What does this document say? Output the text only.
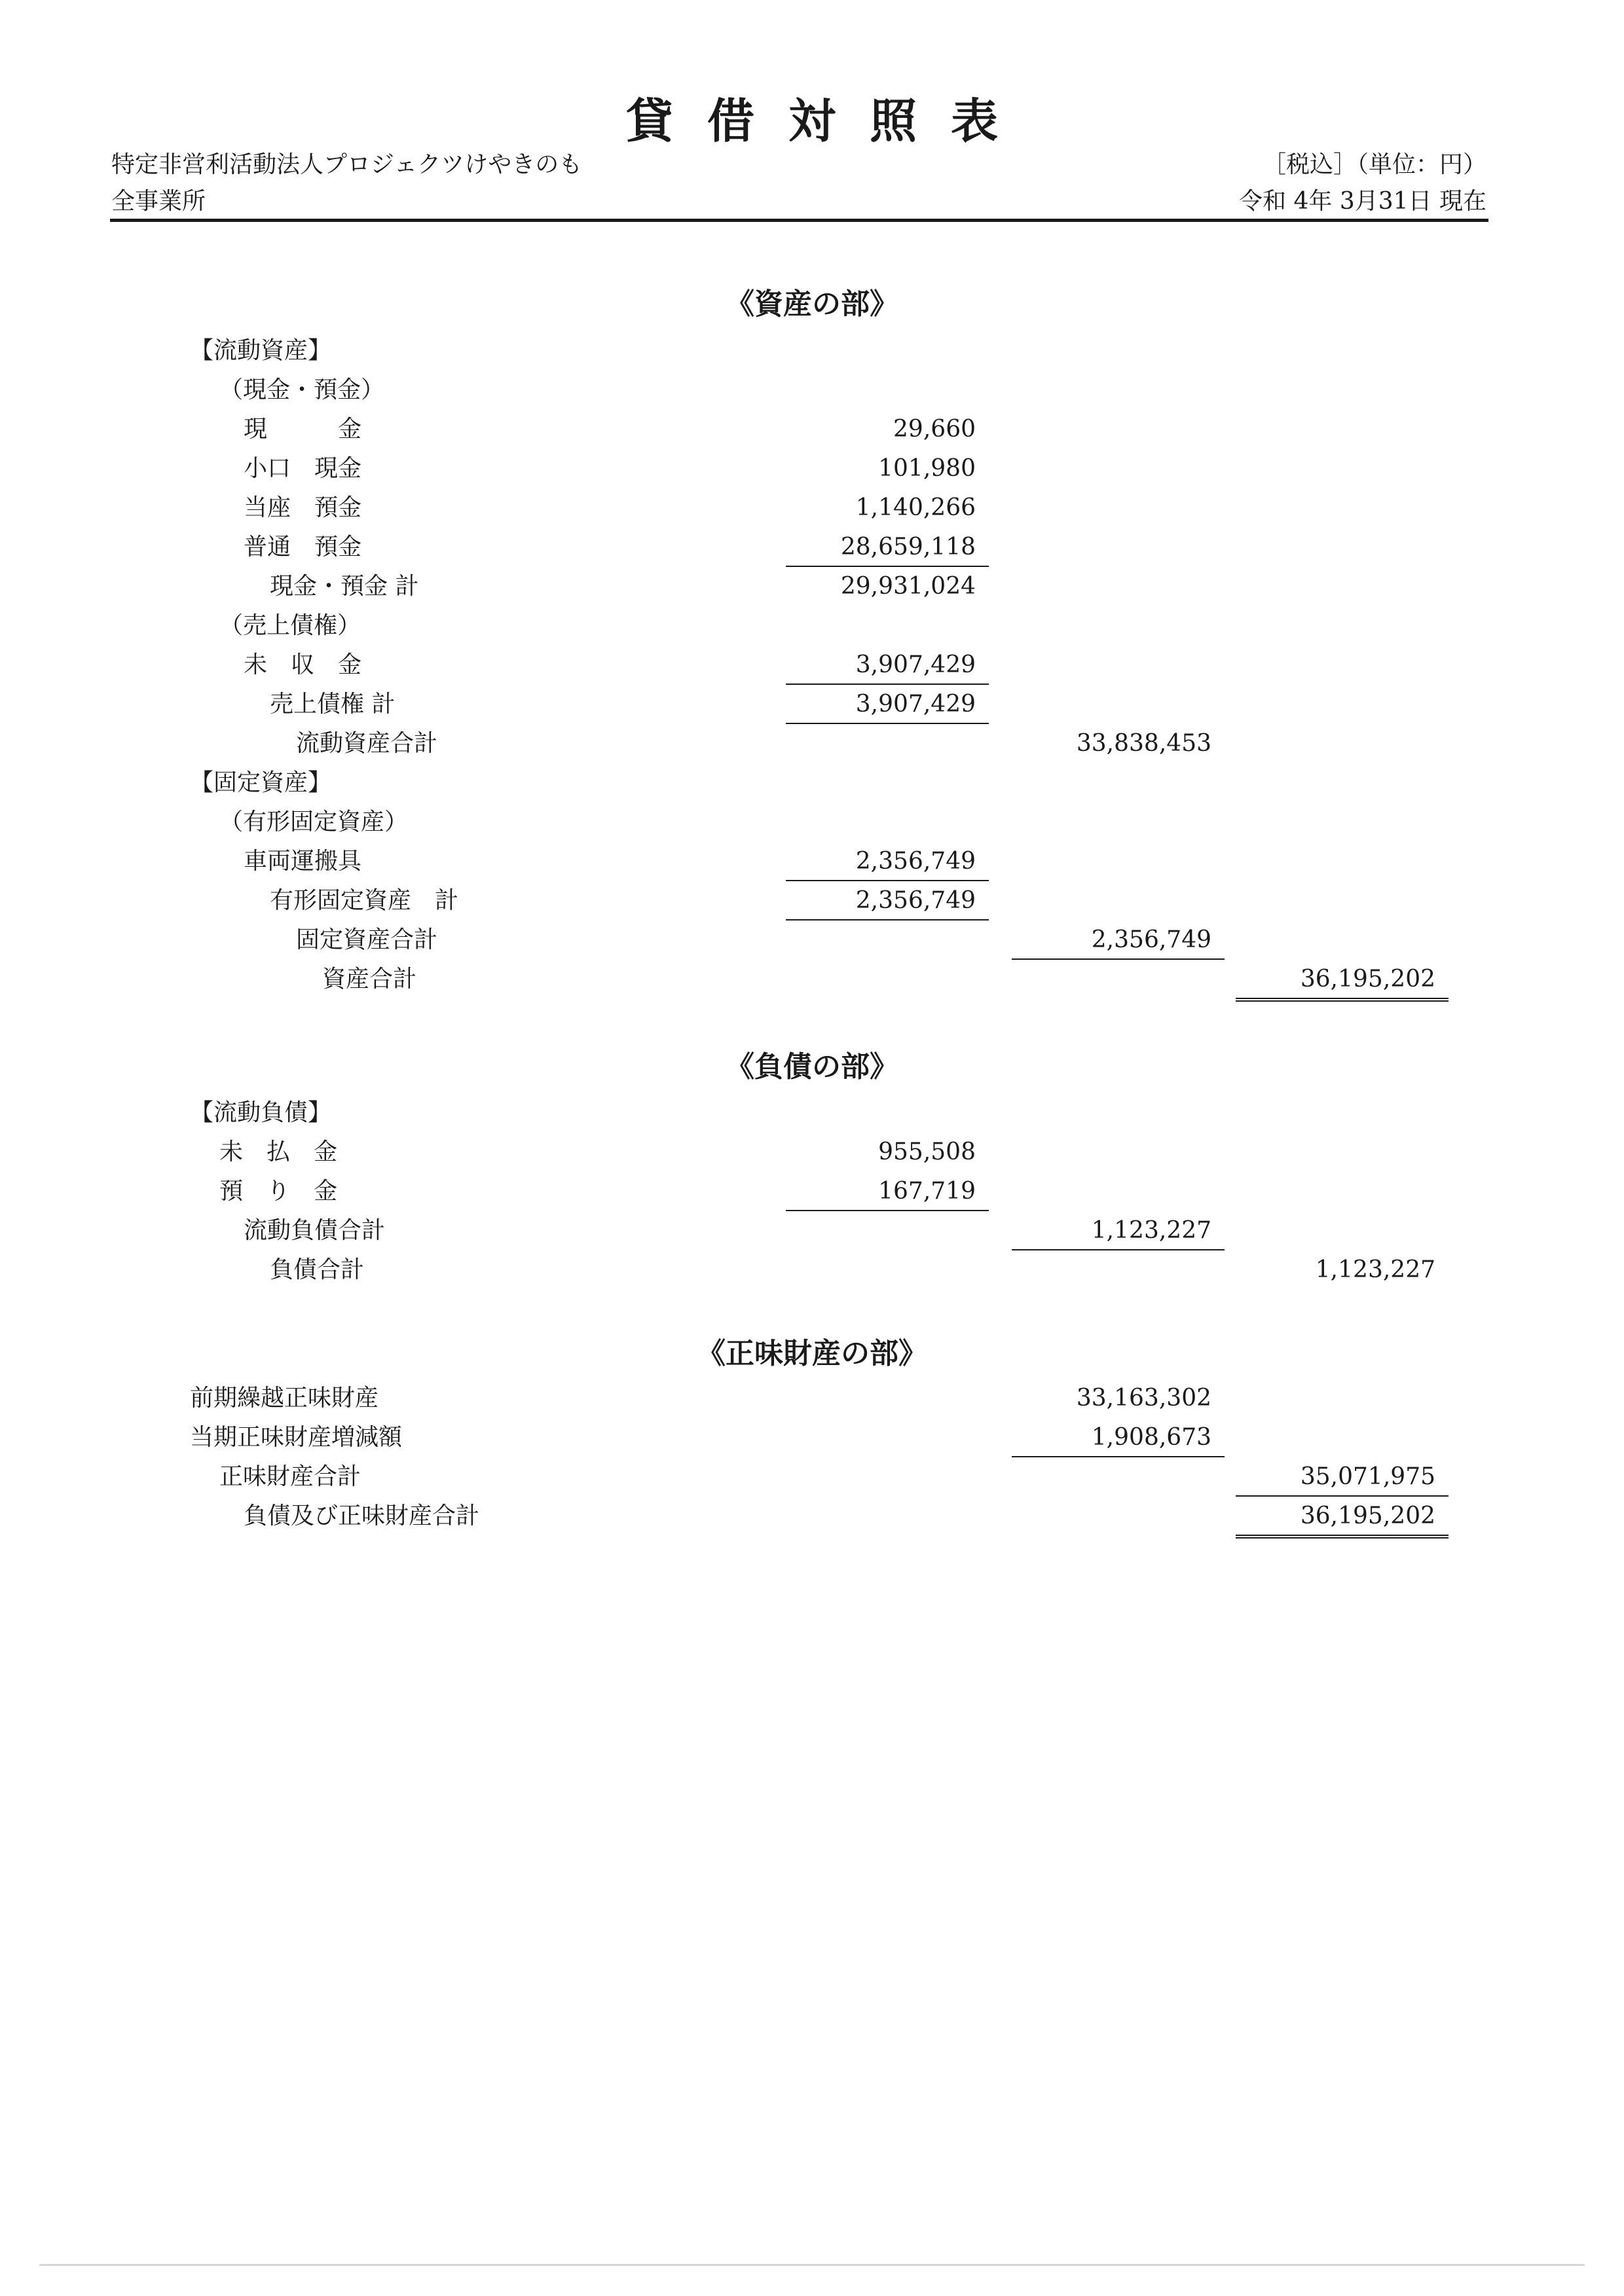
貸借対照表
特定非営利活動法人プロジェクツけやきのも
全事業所
［税込］（単位：円）
令和 4年 3月31日 現在
《資産の部》
【流動資産】
（現金・預金）
現　　　金	29,660
小口　現金	101,980
当座　預金	1,140,266
普通　預金	28,659,118
現金・預金 計	29,931,024
（売上債権）
未　収　金	3,907,429
売上債権 計	3,907,429
流動資産合計	33,838,453
【固定資産】
（有形固定資産）
車両運搬具	2,356,749
有形固定資産　計	2,356,749
固定資産合計	2,356,749
資産合計	36,195,202
《負債の部》
【流動負債】
未　払　金	955,508
預　り　金	167,719
流動負債合計	1,123,227
負債合計	1,123,227
《正味財産の部》
前期繰越正味財産	33,163,302
当期正味財産増減額	1,908,673
正味財産合計	35,071,975
負債及び正味財産合計	36,195,202
